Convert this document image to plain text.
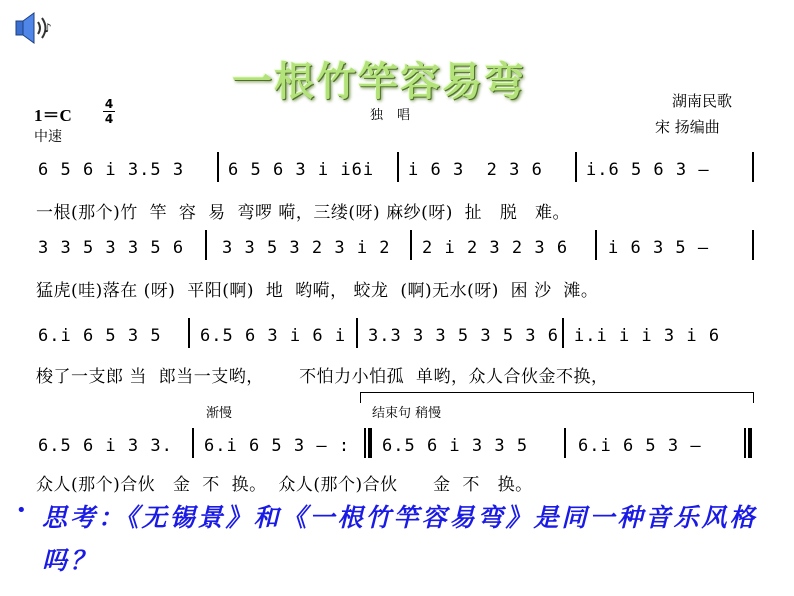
♪
一根竹竿容易弯
1＝C
4
4
中速
独唱
湖南民歌
宋 扬编曲
6 5 6 i 3.5 3	6 5 6 3 i i6i i 6 3  2 3 6	i.6 5 6 3 –
一根(那个)竹  竿  容  易  弯啰 嗬，三缕(呀) 麻纱(呀)  扯   脱   难。
3 3 5 3 3 5 6 3 3 5 3 2 3 i 2 2 i 2 3 2 3 6 i 6 3 5 –
猛虎(哇)落在 (呀)  平阳(啊)  地  哟嗬， 蛟龙  (啊)无水(呀)  困 沙  滩。
6.i 6 5 3 5 6.5 6 3 i 6 i 3.3 3 3 5 3 5 3 6 i.i i i 3 i 6
梭了一支郎 当  郎当一支哟，      不怕力小怕孤  单哟，众人合伙金不换，
渐慢	结束句 稍慢
6.5 6 i 3 3. 6.i 6 5 3 – : 6.5 6 i 3 3 5	6.i 6 5 3 –
众人(那个)合伙   金  不  换。  众人(那个)合伙      金  不   换。
• 思考：《无锡景》和《一根竹竿容易弯》是同一种音乐风格吗？
